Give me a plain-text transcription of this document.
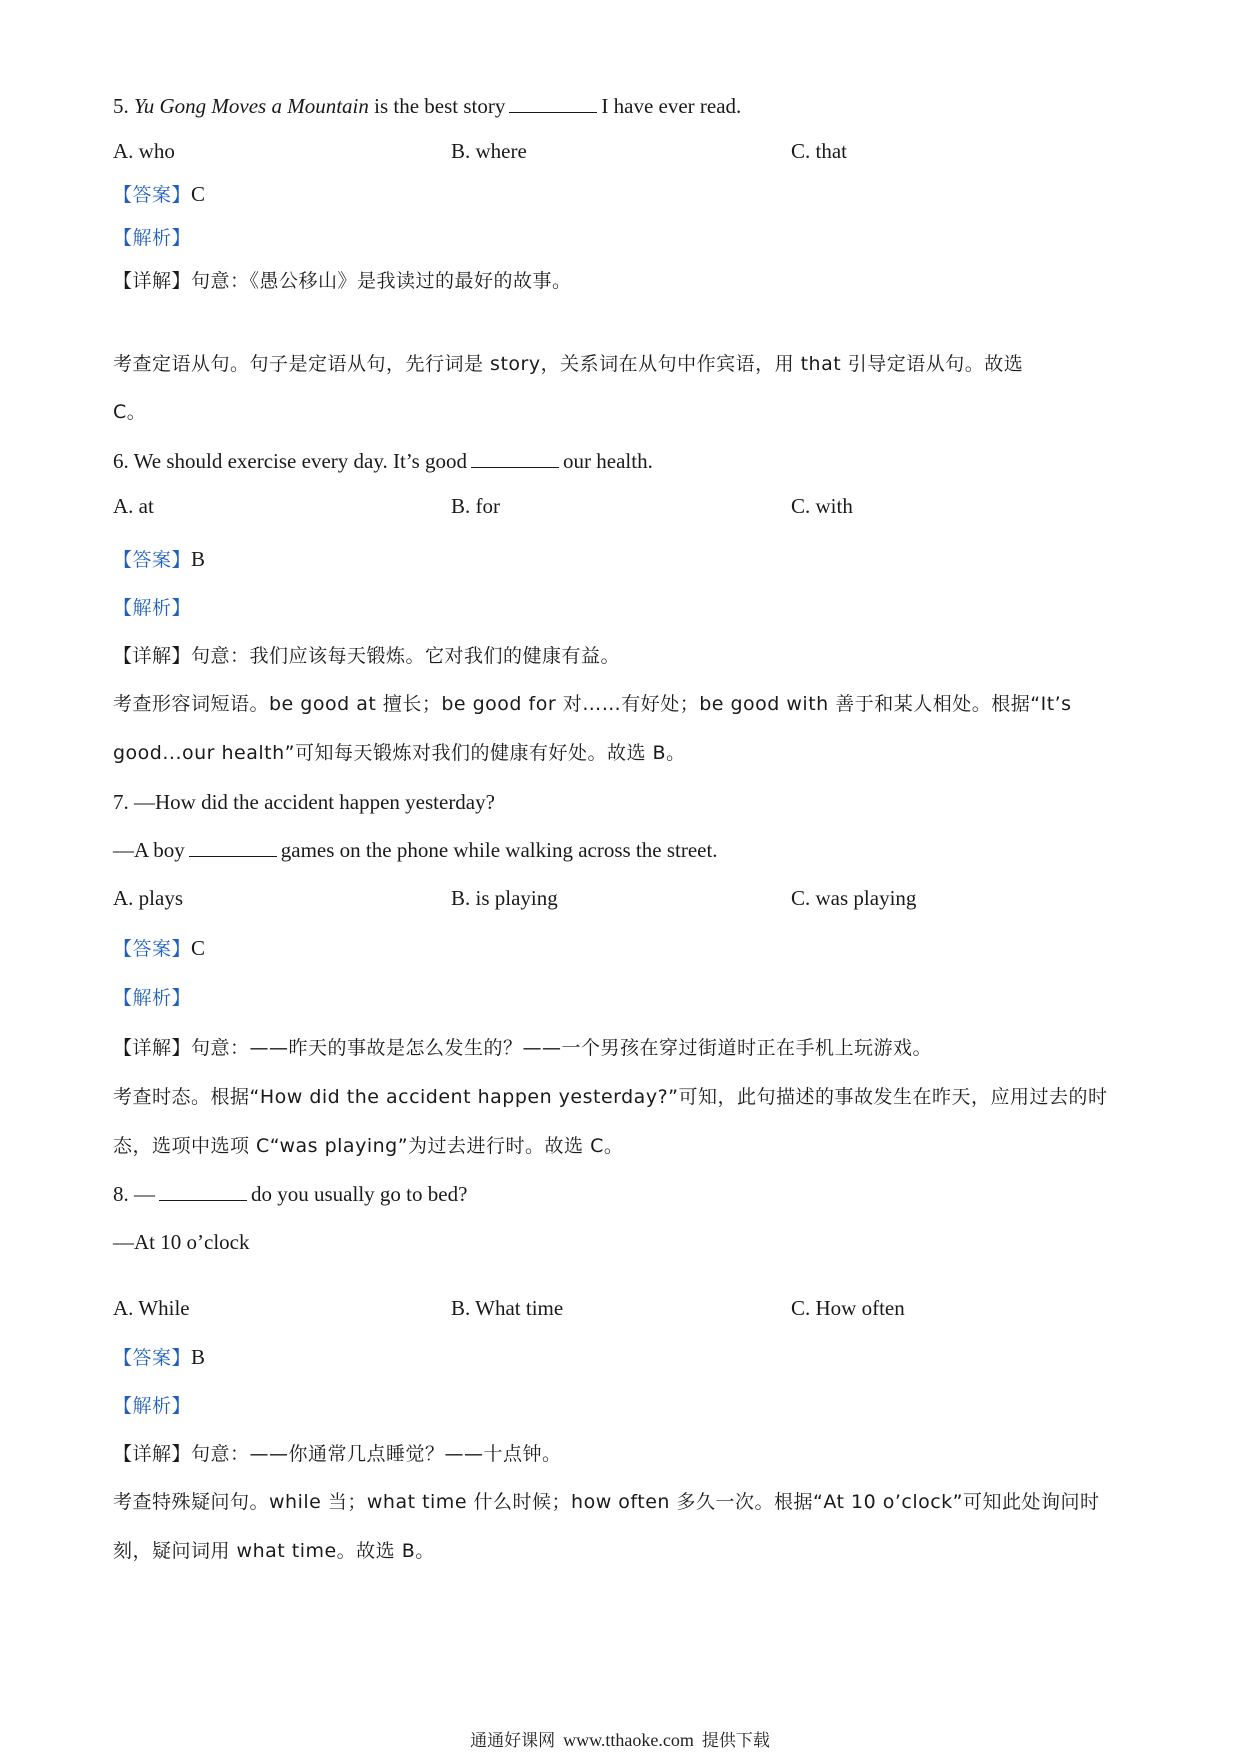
5. Yu Gong Moves a Mountain is the best story	I have ever read.
A. who	B. where	C. that
【答案】C
【解析】
【详解】句意：《愚公移山》是我读过的最好的故事。
考查定语从句。句子是定语从句，先行词是 story，关系词在从句中作宾语，用 that 引导定语从句。故选
C。
6. We should exercise every day. It’s good	our health.
A. at	B. for	C. with
【答案】B
【解析】
【详解】句意：我们应该每天锻炼。它对我们的健康有益。
考查形容词短语。be good at 擅长；be good for 对……有好处；be good with 善于和某人相处。根据“It’s
good...our health”可知每天锻炼对我们的健康有好处。故选 B。
7. —How did the accident happen yesterday?
—A boy	games on the phone while walking across the street.
A. plays	B. is playing	C. was playing
【答案】C
【解析】
【详解】句意：——昨天的事故是怎么发生的？——一个男孩在穿过街道时正在手机上玩游戏。
考查时态。根据“How did the accident happen yesterday?”可知，此句描述的事故发生在昨天，应用过去的时
态，选项中选项 C“was playing”为过去进行时。故选 C。
8. —	do you usually go to bed?
—At 10 o’clock
A. While	B. What time	C. How often
【答案】B
【解析】
【详解】句意：——你通常几点睡觉？——十点钟。
考查特殊疑问句。while 当；what time 什么时候；how often 多久一次。根据“At 10 o’clock”可知此处询问时
刻，疑问词用 what time。故选 B。
通通好课网 www.tthaoke.com 提供下载
